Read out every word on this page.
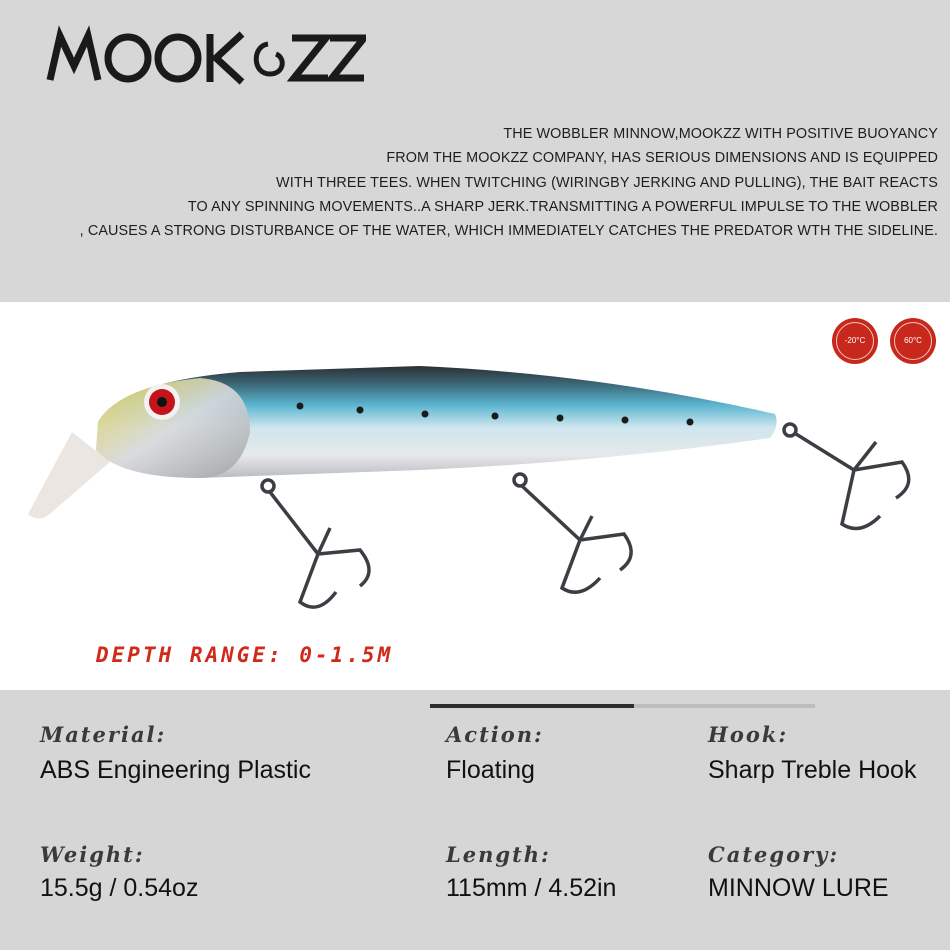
THE WOBBLER MINNOW,MOOKZZ WITH POSITIVE BUOYANCY
FROM THE MOOKZZ COMPANY, HAS SERIOUS DIMENSIONS AND IS EQUIPPED
WITH THREE TEES. WHEN TWITCHING (WIRINGBY JERKING AND PULLING), THE BAIT REACTS
TO ANY SPINNING MOVEMENTS..A SHARP JERK.TRANSMITTING A POWERFUL IMPULSE TO THE WOBBLER
, CAUSES A STRONG DISTURBANCE OF THE WATER, WHICH IMMEDIATELY CATCHES THE PREDATOR WTH THE SIDELINE.
-20°C	60°C
DEPTH RANGE: 0-1.5M
Material:
ABS Engineering Plastic
Action:
Floating
Hook:
Sharp Treble Hook
Weight:
15.5g / 0.54oz
Length:
115mm / 4.52in
Category:
MINNOW LURE
